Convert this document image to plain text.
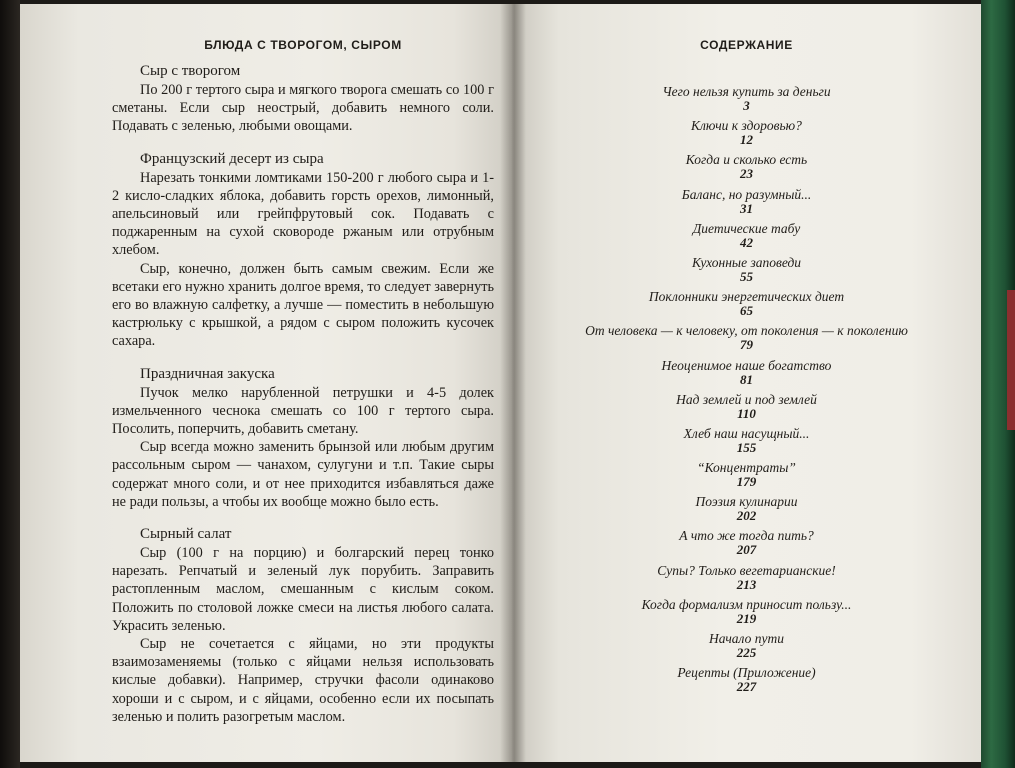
БЛЮДА С ТВОРОГОМ, СЫРОМ
Сыр с творогом

По 200 г тертого сыра и мягкого творога смешать со 100 г сметаны. Если сыр неострый, добавить немного соли. Подавать с зеленью, любыми овощами.

Французский десерт из сыра

Нарезать тонкими ломтиками 150-200 г любого сыра и 1-2 кисло-сладких яблока, добавить горсть орехов, лимонный, апельсиновый или грейпфрутовый сок. Подавать с поджаренным на сухой сковороде ржаным или отрубным хлебом.

Сыр, конечно, должен быть самым свежим. Если же всетаки его нужно хранить долгое время, то следует завернуть его во влажную салфетку, а лучше — поместить в небольшую кастрюльку с крышкой, а рядом с сыром положить кусочек сахара.

Праздничная закуска

Пучок мелко нарубленной петрушки и 4-5 долек измельченного чеснока смешать со 100 г тертого сыра. Посолить, поперчить, добавить сметану.

Сыр всегда можно заменить брынзой или любым другим рассольным сыром — чанахом, сулугуни и т.п. Такие сыры содержат много соли, и от нее приходится избавляться даже не ради пользы, а чтобы их вообще можно было есть.

Сырный салат

Сыр (100 г на порцию) и болгарский перец тонко нарезать. Репчатый и зеленый лук порубить. Заправить растопленным маслом, смешанным с кислым соком. Положить по столовой ложке смеси на листья любого салата. Украсить зеленью.

Сыр не сочетается с яйцами, но эти продукты взаимозаменяемы (только с яйцами нельзя использовать кислые добавки). Например, стручки фасоли одинаково хороши и с сыром, и с яйцами, особенно если их посыпать зеленью и полить разогретым маслом.

СОДЕРЖАНИЕ
Чего нельзя купить за деньги
3
Ключи к здоровью?
12
Когда и сколько есть
23
Баланс, но разумный...
31
Диетические табу
42
Кухонные заповеди
55
Поклонники энергетических диет
65
От человека — к человеку, от поколения — к поколению
79
Неоценимое наше богатство
81
Над землей и под землей
110
Хлеб наш насущный...
155
“Концентраты”
179
Поэзия кулинарии
202
А что же тогда пить?
207
Супы? Только вегетарианские!
213
Когда формализм приносит пользу...
219
Начало пути
225
Рецепты (Приложение)
227
